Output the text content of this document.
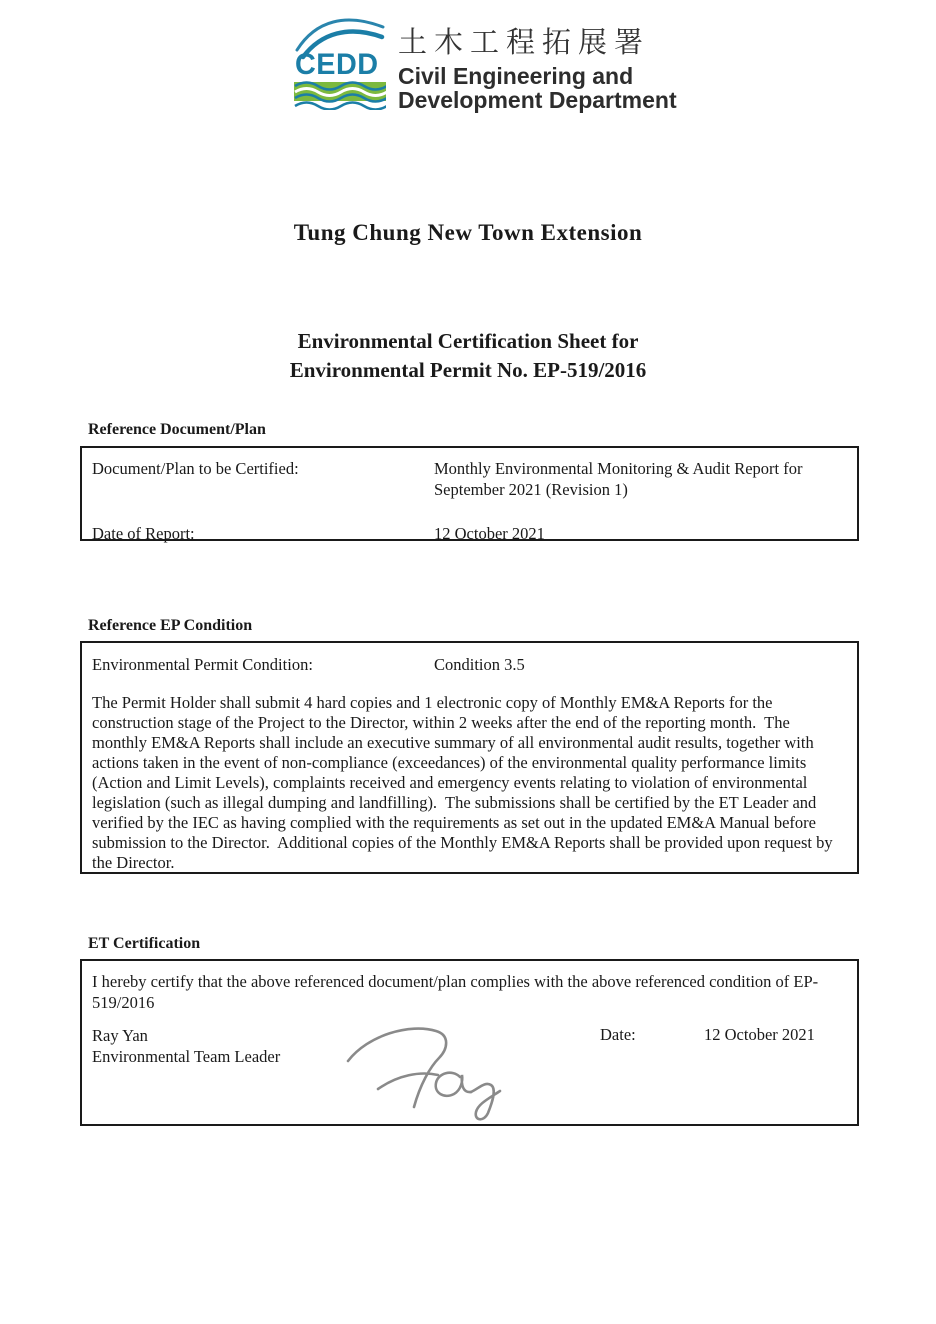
CEDD
土木工程拓展署
Civil Engineering and
Development Department
Tung Chung New Town Extension
Environmental Certification Sheet for
Environmental Permit No. EP-519/2016
Reference Document/Plan
Document/Plan to be Certified:	Monthly Environmental Monitoring & Audit Report for September 2021 (Revision 1)
Date of Report:	12 October 2021
Reference EP Condition
Environmental Permit Condition:	Condition 3.5
The Permit Holder shall submit 4 hard copies and 1 electronic copy of Monthly EM&A Reports for the construction stage of the Project to the Director, within 2 weeks after the end of the reporting month.  The monthly EM&A Reports shall include an executive summary of all environmental audit results, together with actions taken in the event of non-compliance (exceedances) of the environmental quality performance limits (Action and Limit Levels), complaints received and emergency events relating to violation of environmental legislation (such as illegal dumping and landfilling).  The submissions shall be certified by the ET Leader and verified by the IEC as having complied with the requirements as set out in the updated EM&A Manual before submission to the Director.  Additional copies of the Monthly EM&A Reports shall be provided upon request by the Director.
ET Certification
I hereby certify that the above referenced document/plan complies with the above referenced condition of EP-519/2016
Ray Yan
Environmental Team Leader
Date:	12 October 2021
